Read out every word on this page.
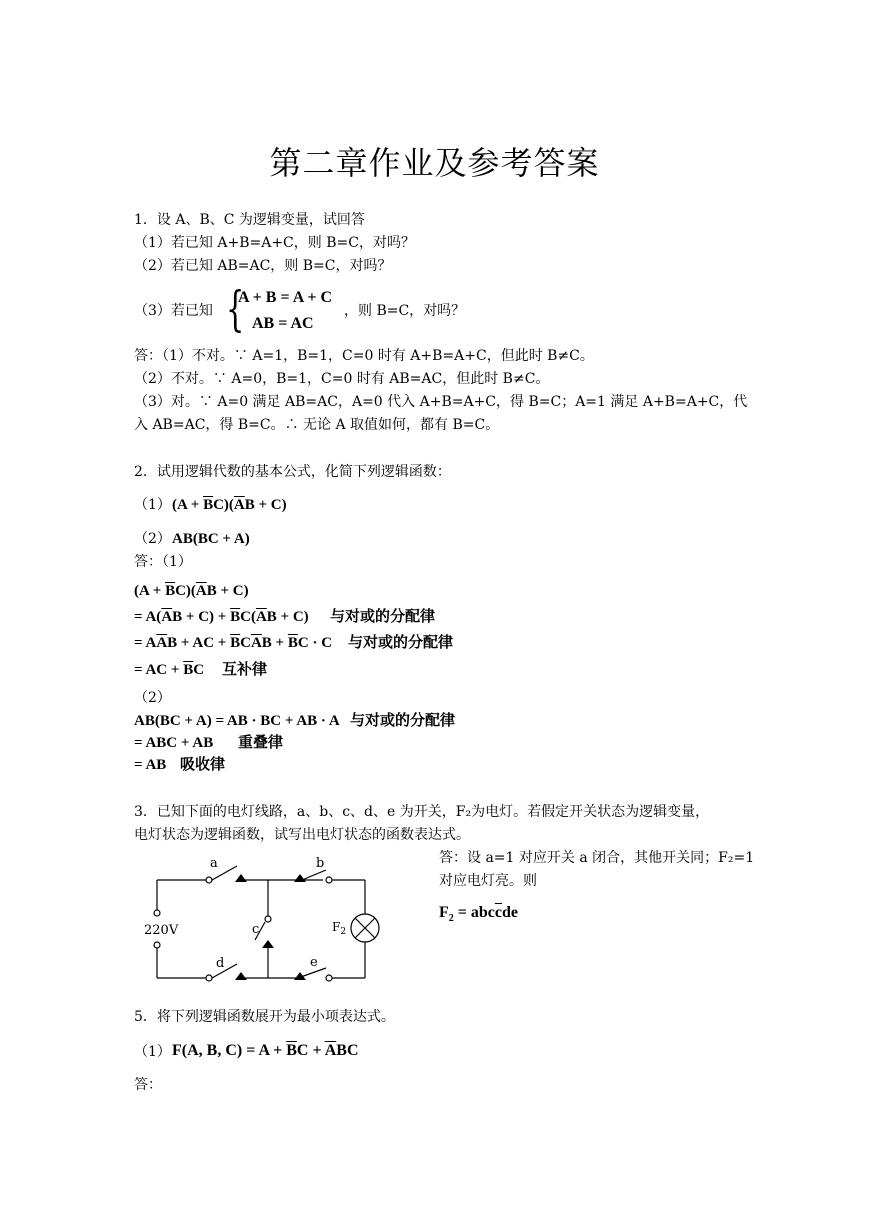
第二章作业及参考答案
1．设 A、B、C 为逻辑变量，试回答
（1）若已知 A+B=A+C，则 B=C，对吗？
（2）若已知 AB=AC，则 B=C，对吗？
（3）若已知 {
A + B = A + C
AB = AC
，则 B=C，对吗？
答：（1）不对。∵ A=1，B=1，C=0 时有 A+B=A+C，但此时 B≠C。
（2）不对。∵ A=0，B=1，C=0 时有 AB=AC，但此时 B≠C。
（3）对。∵ A=0 满足 AB=AC，A=0 代入 A+B=A+C，得 B=C；A=1 满足 A+B=A+C，代
入 AB=AC，得 B=C。∴ 无论 A 取值如何，都有 B=C。
2．试用逻辑代数的基本公式，化简下列逻辑函数：
（1） $(A + \overline{B}C)(\overline{A}B + C)$
（2） AB(BC + A)
答：（1）
$(A + \overline{B}C)(\overline{A}B + C)$
= $A(\overline{A}B + C) + \overline{B}C(\overline{A}B + C)$ 与对或的分配律
= $A\overline{A}B$ + AC + $\overline{B}C\overline{A}B + \overline{B}C \cdot C$ 与对或的分配律
= AC + $\overline{B}C$ 互补律
（2）
AB(BC + A) = AB · BC + AB · A 与对或的分配律
= ABC + AB 重叠律
= AB 吸收律
3．已知下面的电灯线路，a、b、c、d、e 为开关，F₂为电灯。若假定开关状态为逻辑变量，
电灯状态为逻辑函数，试写出电灯状态的函数表达式。
答：设 a=1 对应开关 a 闭合，其他开关同；F₂=1
对应电灯亮。则
$F_2 = abc\overline{c}de$
a	b
c
d	e
220V	$F_2$
5．将下列逻辑函数展开为最小项表达式。
（1） F(A, B, $C) = A + \overline{B}C + \overline{A}BC$
答：
